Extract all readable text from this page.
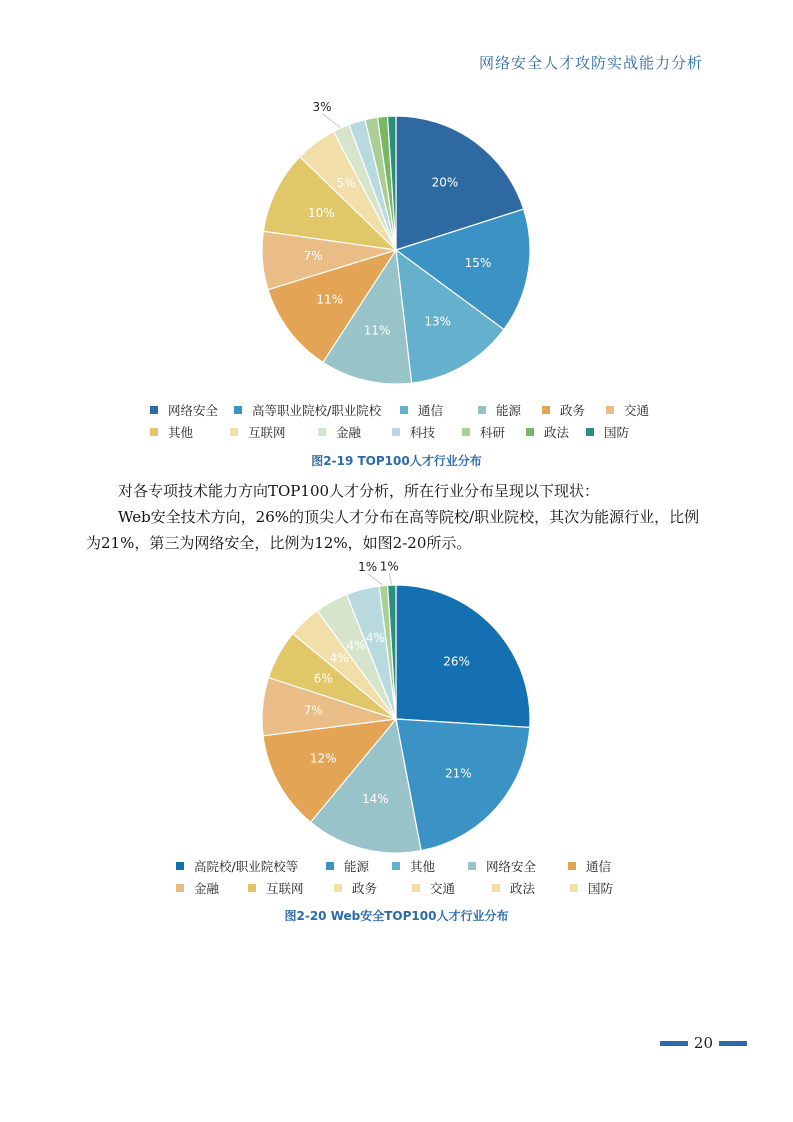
网络安全人才攻防实战能力分析
20%
15%
13%
11%
11%
7%
10%
5%
3%
网络安全	高等职业院校/职业院校	通信	能源	政务	交通
其他	互联网	金融	科技	科研	政法	国防
图2-19 TOP100人才行业分布

对各专项技术能力方向TOP100人才分析，所在行业分布呈现以下现状：

Web安全技术方向，26%的顶尖人才分布在高等院校/职业院校，其次为能源行业，比例为21%，第三为网络安全，比例为12%，如图2-20所示。

26%
21%
14%
12%
7%
6%
4%
4%
4%
1% 1%
高院校/职业院校等	能源	其他	网络安全	通信
金融	互联网	政务	交通	政法	国防
图2-20 Web安全TOP100人才行业分布
20
